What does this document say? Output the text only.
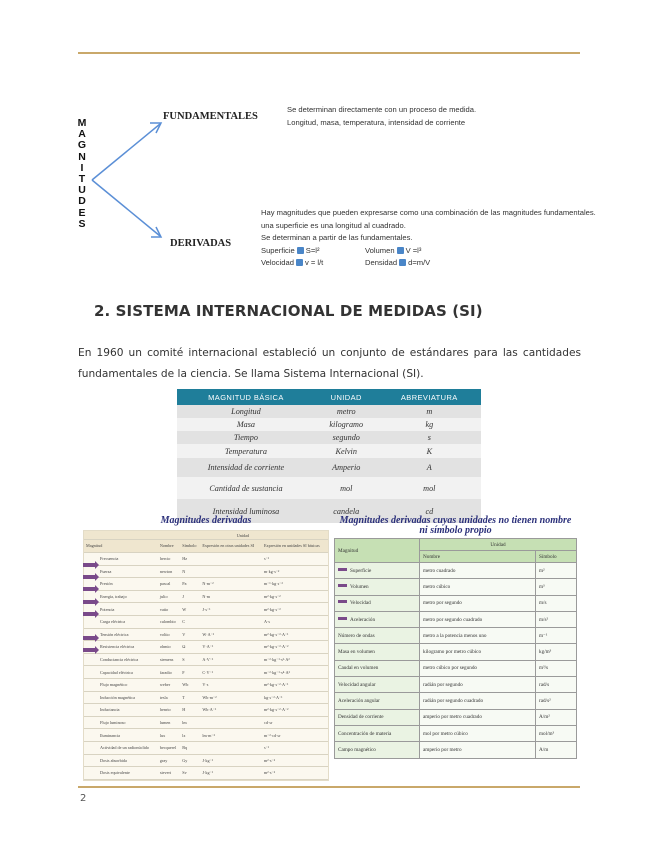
M
A
G
N
I
T
U
D
E
S
FUNDAMENTALES
Se determinan directamente con un proceso de medida.
Longitud, masa, temperatura, intensidad de corriente
DERIVADAS
Hay magnitudes que pueden expresarse como una combinación de las magnitudes fundamentales.
una superficie es una longitud al cuadrado.
Se determinan a partir de las fundamentales.
Superficie S=l²	Volumen V =l³
Velocidad v = l/t	Densidad d=m/V
2. SISTEMA INTERNACIONAL DE MEDIDAS (SI)
En 1960 un comité internacional estableció un conjunto de estándares para las cantidades fundamentales de la ciencia. Se llama Sistema Internacional (SI).
MAGNITUD BÁSICA	UNIDAD	ABREVIATURA
Longitud	metro	m
Masa	kilogramo	kg
Tiempo	segundo	s
Temperatura	Kelvin	K
Intensidad de corriente	Amperio	A
Cantidad de sustancia	mol	mol
Intensidad luminosa	candela	cd
Magnitudes derivadas
	Unidad			
Magnitud	Nombre	Símbolo	Expresión en otras unidades SI	Expresión en unidades SI básicas
Frecuencia	hercio	Hz		s⁻¹
Fuerza	newton	N		m·kg·s⁻²
Presión	pascal	Pa	N·m⁻²	m⁻¹·kg·s⁻²
Energía, trabajo	julio	J	N·m	m²·kg·s⁻²
Potencia	vatio	W	J·s⁻¹	m²·kg·s⁻³
Carga eléctrica	culombio	C		A·s
Tensión eléctrica	voltio	V	W·A⁻¹	m²·kg·s⁻³·A⁻¹
Resistencia eléctrica	ohmio	Ω	V·A⁻¹	m²·kg·s⁻³·A⁻²
Conductancia eléctrica	siemens	S	A·V⁻¹	m⁻²·kg⁻¹·s³·A²
Capacidad eléctrica	faradio	F	C·V⁻¹	m⁻²·kg⁻¹·s⁴·A²
Flujo magnético	weber	Wb	V·s	m²·kg·s⁻²·A⁻¹
Inducción magnética	tesla	T	Wb·m⁻²	kg·s⁻²·A⁻¹
Inductancia	henrio	H	Wb·A⁻¹	m²·kg·s⁻²·A⁻²
Flujo luminoso	lumen	lm		cd·sr
Iluminancia	lux	lx	lm·m⁻²	m⁻²·cd·sr
Actividad de un radionúclido	becquerel	Bq		s⁻¹
Dosis absorbida	gray	Gy	J·kg⁻¹	m²·s⁻²
Dosis equivalente	sievert	Sv	J·kg⁻¹	m²·s⁻²
Magnitudes derivadas cuyas unidades no tienen nombre ni símbolo propio
Magnitud	Unidad	
	Nombre	Símbolo
Superficie	metro cuadrado	m²
Volumen	metro cúbico	m³
Velocidad	metro por segundo	m/s
Aceleración	metro por segundo cuadrado	m/s²
Número de ondas	metro a la potencia menos uno	m⁻¹
Masa en volumen	kilogramo por metro cúbico	kg/m³
Caudal en volumen	metro cúbico por segundo	m³/s
Velocidad angular	radián por segundo	rad/s
Aceleración angular	radián por segundo cuadrado	rad/s²
Densidad de corriente	amperio por metro cuadrado	A/m²
Concentración de materia	mol por metro cúbico	mol/m³
Campo magnético	amperio por metro	A/m
2
